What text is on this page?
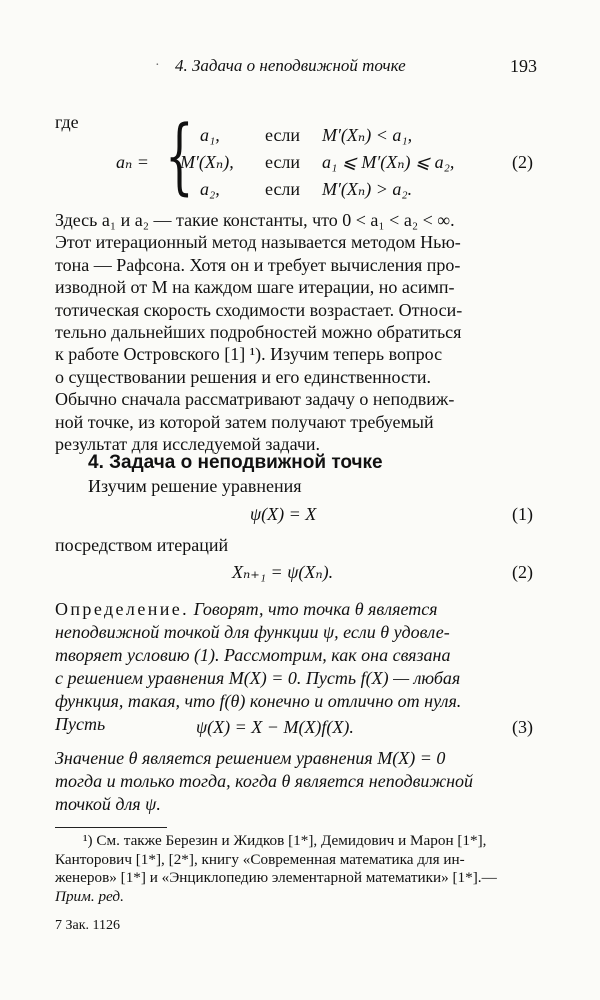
· 4. Задача о неподвижной точке	193
где
aₙ = { a₁,	если M′(Xₙ) < a₁,
M′(Xₙ), если a₁ ⩽ M′(Xₙ) ⩽ a₂,
a₂,	если M′(Xₙ) > a₂.
(2)
Здесь a₁ и a₂ — такие константы, что 0 < a₁ < a₂ < ∞.
Этот итерационный метод называется методом Нью-
тона — Рафсона. Хотя он и требует вычисления про-
изводной от M на каждом шаге итерации, но асимп-
тотическая скорость сходимости возрастает. Относи-
тельно дальнейших подробностей можно обратиться
к работе Островского [1] ¹). Изучим теперь вопрос
о существовании решения и его единственности.
Обычно сначала рассматривают задачу о неподвиж-
ной точке, из которой затем получают требуемый
результат для исследуемой задачи.
4. Задача о неподвижной точке
Изучим решение уравнения
ψ(X) = X	(1)
посредством итераций
Xₙ₊₁ = ψ(Xₙ).	(2)
Определение. Говорят, что точка θ является
неподвижной точкой для функции ψ, если θ удовле-
творяет условию (1). Рассмотрим, как она связана
с решением уравнения M(X) = 0. Пусть f(X) — любая
функция, такая, что f(θ) конечно и отлично от нуля.
Пусть	ψ(X) = X − M(X)f(X).	(3)
Значение θ является решением уравнения M(X) = 0
тогда и только тогда, когда θ является неподвижной
точкой для ψ.
¹) См. также Березин и Жидков [1*], Демидович и Марон [1*],
Канторович [1*], [2*], книгу «Современная математика для ин-
женеров» [1*] и «Энциклопедию элементарной математики» [1*].—
Прим. ред.
7 Зак. 1126
